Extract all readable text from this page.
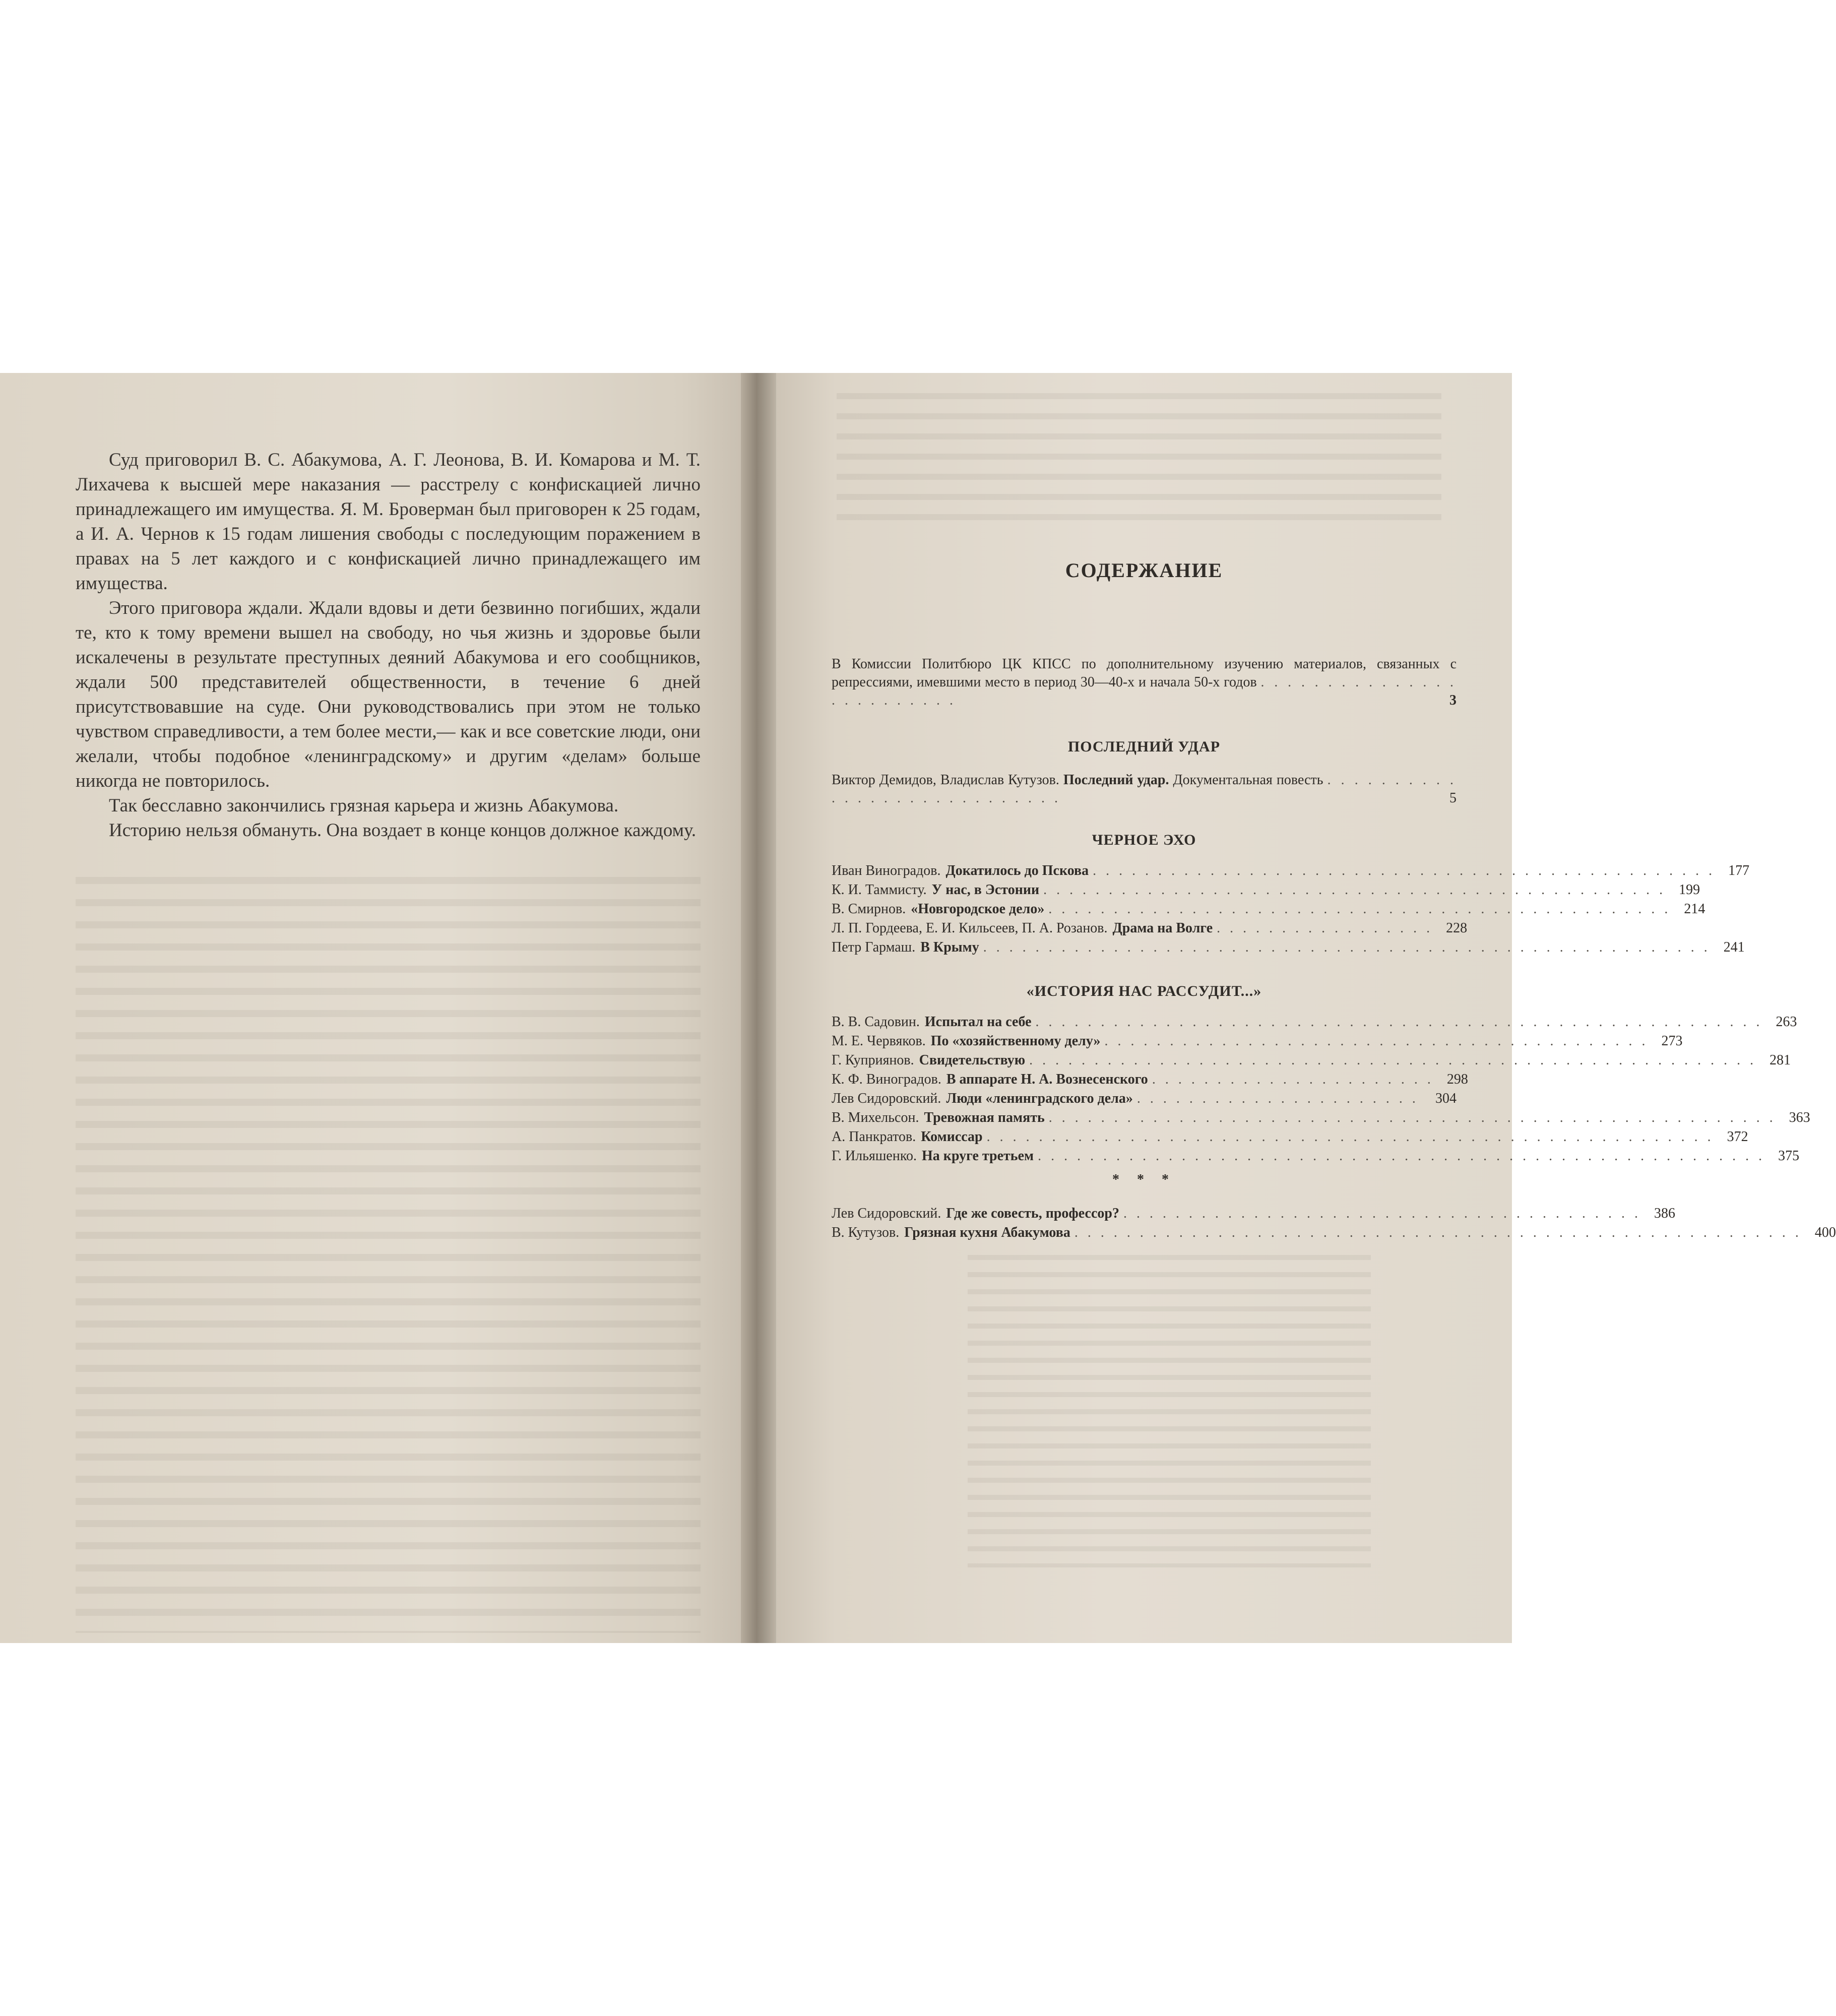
Суд приговорил В. С. Абакумова, А. Г. Леонова, В. И. Комарова и М. Т. Лихачева к высшей мере наказания — расстрелу с конфискацией лично принадлежащего им имущества. Я. М. Броверман был приговорен к 25 годам, а И. А. Чернов к 15 годам лишения свободы с последующим поражением в правах на 5 лет каждого и с конфискацией лично принадлежащего им имущества.

Этого приговора ждали. Ждали вдовы и дети безвинно погибших, ждали те, кто к тому времени вышел на свободу, но чья жизнь и здоровье были искалечены в результате преступных деяний Абакумова и его сообщников, ждали 500 представителей общественности, в течение 6 дней присутствовавшие на суде. Они руководствовались при этом не только чувством справедливости, а тем более мести,— как и все советские люди, они желали, чтобы подобное «ленинградскому» и другим «делам» больше никогда не повторилось.

Так бесславно закончились грязная карьера и жизнь Абакумова.

Историю нельзя обмануть. Она воздает в конце концов должное каждому.

СОДЕРЖАНИЕ
В Комиссии Политбюро ЦК КПСС по дополнительному изучению материалов, связанных с репрессиями, имевшими место в период 30—40-х и начала 50-х годов . . . . . . . . . . . . . . . . . . . . . . . . .	3
ПОСЛЕДНИЙ УДАР
Виктор Демидов, Владислав Кутузов. Последний удар. Документальная повесть . . . . . . . . . . . . . . . . . . . . . . . . . . . .	5
ЧЕРНОЕ ЭХО
Иван Виноградов. Докатилось до Пскова . . . . . . . . . . . . . . . . . . . . . . . . . . . . . . . . . . . . . . . . . . . . . . . . 177
К. И. Таммисту. У нас, в Эстонии . . . . . . . . . . . . . . . . . . . . . . . . . . . . . . . . . . . . . . . . . . . . . . . . 199
В. Смирнов. «Новгородское дело» . . . . . . . . . . . . . . . . . . . . . . . . . . . . . . . . . . . . . . . . . . . . . . . . 214
Л. П. Гордеева, Е. И. Кильсеев, П. А. Розанов. Драма на Волге . . . . . . . . . . . . . . . . . 228
Петр Гармаш. В Крыму . . . . . . . . . . . . . . . . . . . . . . . . . . . . . . . . . . . . . . . . . . . . . . . . . . . . . . . . 241
«ИСТОРИЯ НАС РАССУДИТ...»
В. В. Садовин. Испытал на себе . . . . . . . . . . . . . . . . . . . . . . . . . . . . . . . . . . . . . . . . . . . . . . . . . . . . . . . . 263
М. Е. Червяков. По «хозяйственному делу» . . . . . . . . . . . . . . . . . . . . . . . . . . . . . . . . . . . . . . . . . . 273
Г. Куприянов. Свидетельствую . . . . . . . . . . . . . . . . . . . . . . . . . . . . . . . . . . . . . . . . . . . . . . . . . . . . . . . . 281
К. Ф. Виноградов. В аппарате Н. А. Вознесенского . . . . . . . . . . . . . . . . . . . . . . 298
Лев Сидоровский. Люди «ленинградского дела» . . . . . . . . . . . . . . . . . . . . . .	304
В. Михельсон. Тревожная память . . . . . . . . . . . . . . . . . . . . . . . . . . . . . . . . . . . . . . . . . . . . . . . . . . . . . . . . 363
А. Панкратов. Комиссар . . . . . . . . . . . . . . . . . . . . . . . . . . . . . . . . . . . . . . . . . . . . . . . . . . . . . . . . 372
Г. Ильяшенко. На круге третьем . . . . . . . . . . . . . . . . . . . . . . . . . . . . . . . . . . . . . . . . . . . . . . . . . . . . . . . . 375
* * *
Лев Сидоровский. Где же совесть, профессор? . . . . . . . . . . . . . . . . . . . . . . . . . . . . . . . . . . . . . . . . 386
В. Кутузов. Грязная кухня Абакумова . . . . . . . . . . . . . . . . . . . . . . . . . . . . . . . . . . . . . . . . . . . . . . . . . . . . . . . . 400
